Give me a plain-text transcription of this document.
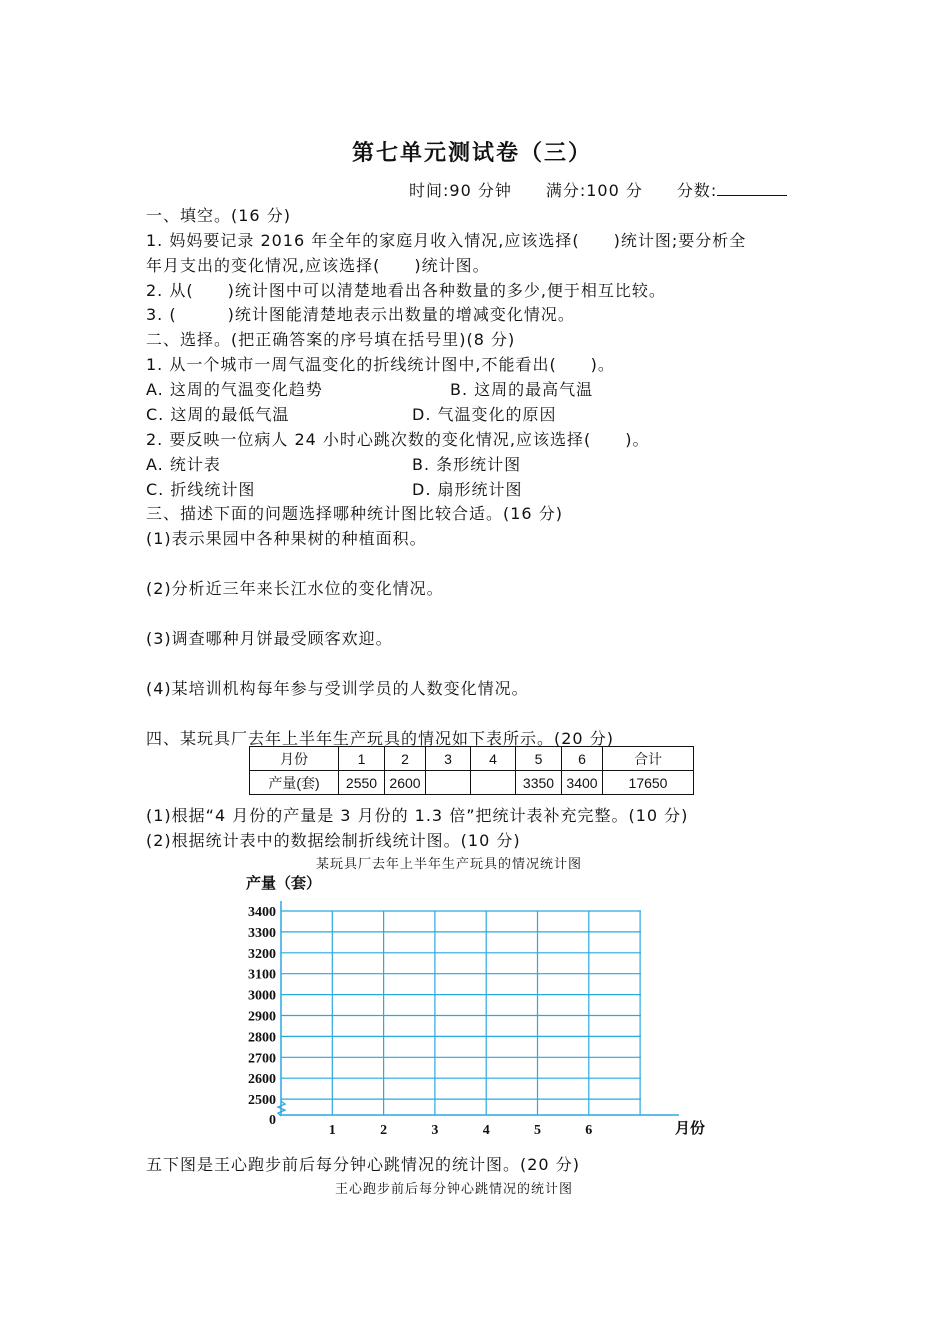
第七单元测试卷（三）
时间:90 分钟 满分:100 分 分数:
一、填空。(16 分)
1. 妈妈要记录 2016 年全年的家庭月收入情况,应该选择(　　)统计图;要分析全
年月支出的变化情况,应该选择(　　)统计图。
2. 从(　　)统计图中可以清楚地看出各种数量的多少,便于相互比较。
3. (　　　)统计图能清楚地表示出数量的增减变化情况。
二、选择。(把正确答案的序号填在括号里)(8 分)
1. 从一个城市一周气温变化的折线统计图中,不能看出(　　)。
A. 这周的气温变化趋势	B. 这周的最高气温
C. 这周的最低气温	D. 气温变化的原因
2. 要反映一位病人 24 小时心跳次数的变化情况,应该选择(　　)。
A. 统计表	B. 条形统计图
C. 折线统计图	D. 扇形统计图
三、描述下面的问题选择哪种统计图比较合适。(16 分)
(1)表示果园中各种果树的种植面积。
(2)分析近三年来长江水位的变化情况。
(3)调查哪种月饼最受顾客欢迎。
(4)某培训机构每年参与受训学员的人数变化情况。
四、某玩具厂去年上半年生产玩具的情况如下表所示。(20 分)
月份	1	2	3	4	5	6	合计
产量(套)	2550	2600			3350	3400	17650
(1)根据“4 月份的产量是 3 月份的 1.3 倍”把统计表补充完整。(10 分)
(2)根据统计表中的数据绘制折线统计图。(10 分)
某玩具厂去年上半年生产玩具的情况统计图
产量（套）
月份
3400
3300
3200
3100
3000
2900
2800
2700
2600
2500
0
1	2	3	4	5	6
五下图是王心跑步前后每分钟心跳情况的统计图。(20 分)
王心跑步前后每分钟心跳情况的统计图
